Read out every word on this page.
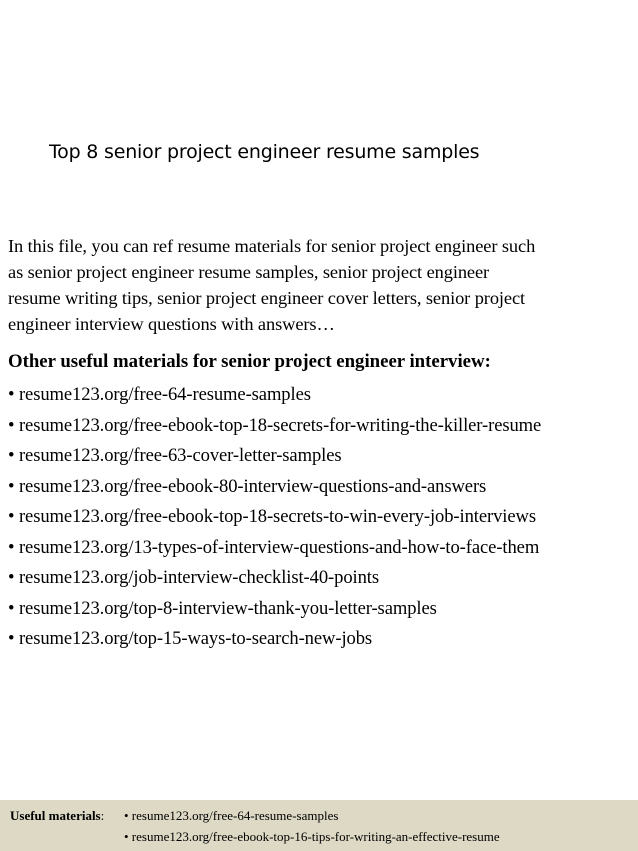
Top 8 senior project engineer resume samples

In this file, you can ref resume materials for senior project engineer such
as senior project engineer resume samples, senior project engineer
resume writing tips, senior project engineer cover letters, senior project
engineer interview questions with answers…

Other useful materials for senior project engineer interview:
• resume123.org/free-64-resume-samples
• resume123.org/free-ebook-top-18-secrets-for-writing-the-killer-resume
• resume123.org/free-63-cover-letter-samples
• resume123.org/free-ebook-80-interview-questions-and-answers
• resume123.org/free-ebook-top-18-secrets-to-win-every-job-interviews
• resume123.org/13-types-of-interview-questions-and-how-to-face-them
• resume123.org/job-interview-checklist-40-points
• resume123.org/top-8-interview-thank-you-letter-samples
• resume123.org/top-15-ways-to-search-new-jobs
Useful materials: • resume123.org/free-64-resume-samples
• resume123.org/free-ebook-top-16-tips-for-writing-an-effective-resume
